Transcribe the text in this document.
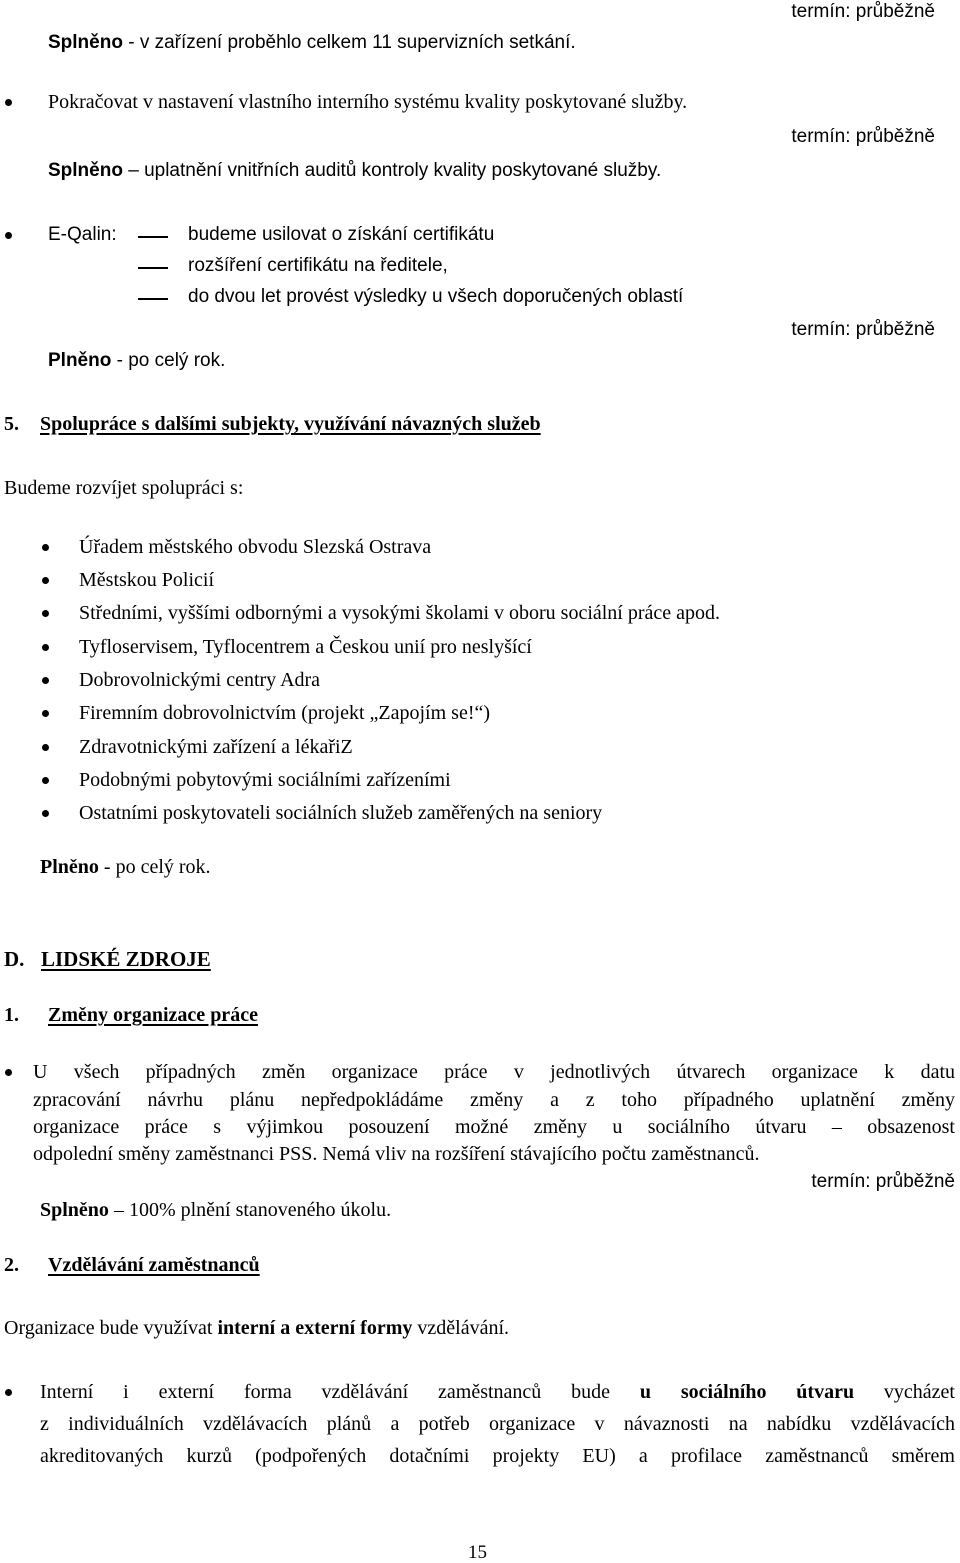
termín: průběžně
Splněno - v zařízení proběhlo celkem 11 supervizních setkání.
Pokračovat v nastavení vlastního interního systému kvality poskytované služby.
termín: průběžně
Splněno – uplatnění vnitřních auditů kontroly kvality poskytované služby.
E-Qalin:	budeme usilovat o získání certifikátu
rozšíření certifikátu na ředitele,
do dvou let provést výsledky u všech doporučených oblastí
termín: průběžně
Plněno - po celý rok.
5. Spolupráce s dalšími subjekty, využívání návazných služeb
Budeme rozvíjet spolupráci s:
Úřadem městského obvodu Slezská Ostrava
Městskou Policií
Středními, vyššími odbornými a vysokými školami v oboru sociální práce apod.
Tyfloservisem, Tyflocentrem a Českou unií pro neslyšící
Dobrovolnickými centry Adra
Firemním dobrovolnictvím (projekt „Zapojím se!“)
Zdravotnickými zařízení a lékařiZ
Podobnými pobytovými sociálními zařízeními
Ostatními poskytovateli sociálních služeb zaměřených na seniory
Plněno - po celý rok.
D. LIDSKÉ ZDROJE
1. Změny organizace práce
U všech případných změn organizace práce v jednotlivých útvarech organizace k datu
zpracování návrhu plánu nepředpokládáme změny a z toho případného uplatnění změny
organizace práce s výjimkou posouzení možné změny u sociálního útvaru – obsazenost
odpolední směny zaměstnanci PSS. Nemá vliv na rozšíření stávajícího počtu zaměstnanců.
termín: průběžně
Splněno – 100% plnění stanoveného úkolu.
2. Vzdělávání zaměstnanců
Organizace bude využívat interní a externí formy vzdělávání.
Interní i externí forma vzdělávání zaměstnanců bude u sociálního útvaru vycházet
z individuálních vzdělávacích plánů a potřeb organizace v návaznosti na nabídku vzdělávacích
akreditovaných kurzů (podpořených dotačními projekty EU) a profilace zaměstnanců směrem
15
